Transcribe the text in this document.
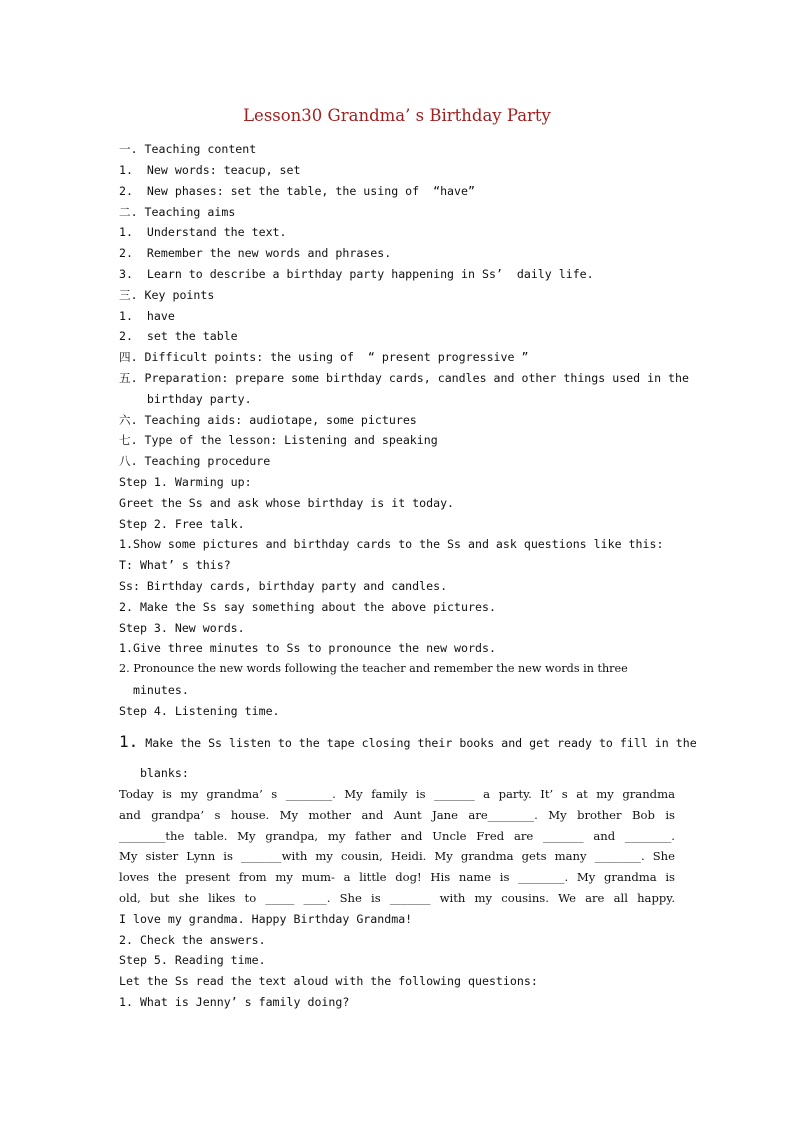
Lesson30 Grandma’ s Birthday Party
一. Teaching content
1.  New words: teacup, set
2.  New phases: set the table, the using of  “have”
二. Teaching aims
1.  Understand the text.
2.  Remember the new words and phrases.
3.  Learn to describe a birthday party happening in Ss’  daily life.
三. Key points
1.  have
2.  set the table
四. Difficult points: the using of  “ present progressive ”
五. Preparation: prepare some birthday cards, candles and other things used in the
birthday party.
六. Teaching aids: audiotape, some pictures
七. Type of the lesson: Listening and speaking
八. Teaching procedure
Step 1. Warming up:
Greet the Ss and ask whose birthday is it today.
Step 2. Free talk.
1.Show some pictures and birthday cards to the Ss and ask questions like this:
T: What’ s this?
Ss: Birthday cards, birthday party and candles.
2. Make the Ss say something about the above pictures.
Step 3. New words.
1.Give three minutes to Ss to pronounce the new words.
2. Pronounce the new words following the teacher and remember the new words in three
minutes.
Step 4. Listening time.
1. Make the Ss listen to the tape closing their books and get ready to fill in the
blanks:
Today is my grandma’ s ________. My family is _______ a party. It’ s at my grandma
and grandpa’ s house. My mother and Aunt Jane are________. My brother Bob is
________the table. My grandpa, my father and Uncle Fred are _______ and ________.
My sister Lynn is _______with my cousin, Heidi. My grandma gets many ________. She
loves the present from my mum- a little dog! His name is ________. My grandma is
old, but she likes to _____ ____. She is _______ with my cousins. We are all happy.
I love my grandma. Happy Birthday Grandma!
2. Check the answers.
Step 5. Reading time.
Let the Ss read the text aloud with the following questions:
1. What is Jenny’ s family doing?
